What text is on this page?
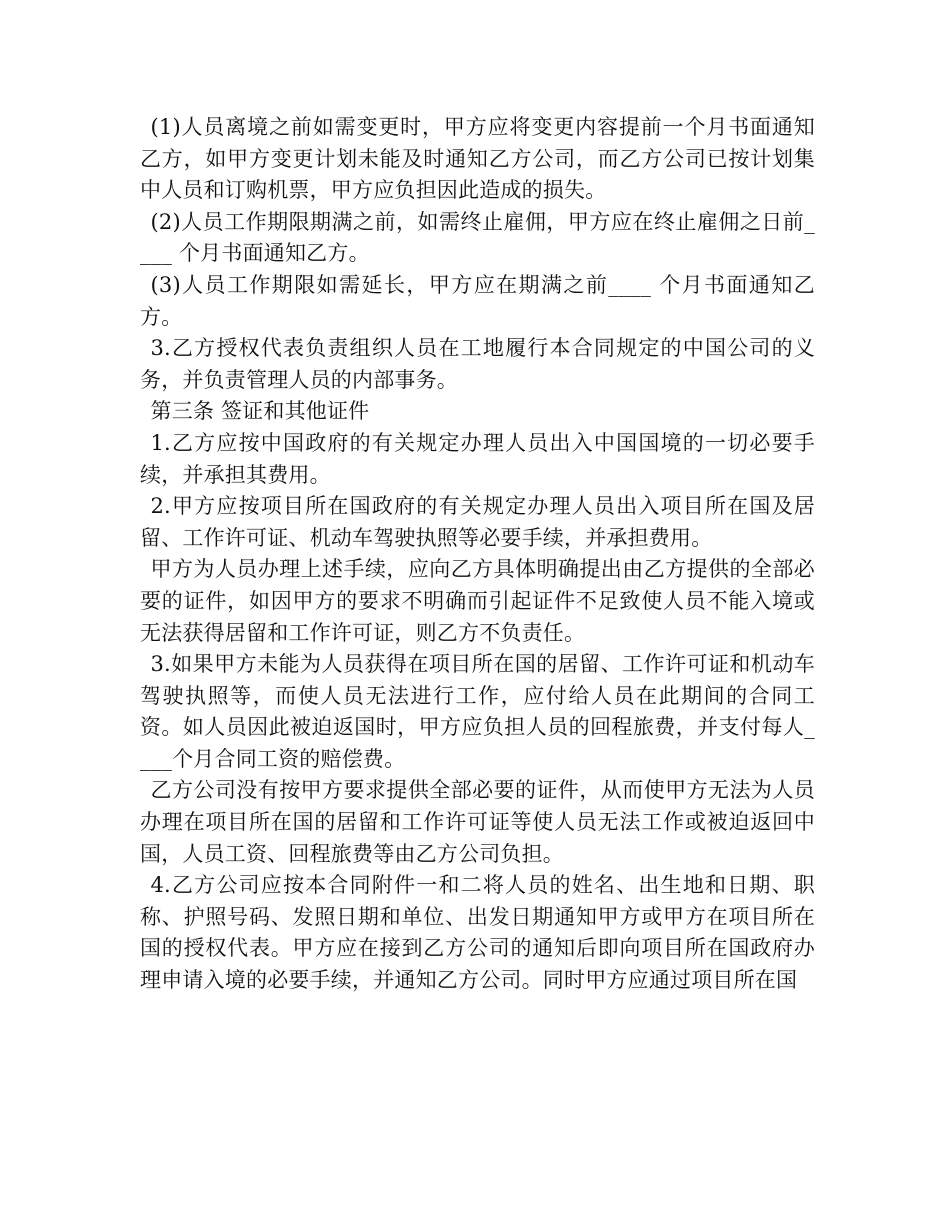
(1)人员离境之前如需变更时，甲方应将变更内容提前一个月书面通知乙方，如甲方变更计划未能及时通知乙方公司，而乙方公司已按计划集中人员和订购机票，甲方应负担因此造成的损失。

(2)人员工作期限期满之前，如需终止雇佣，甲方应在终止雇佣之日前____ 个月书面通知乙方。

(3)人员工作期限如需延长，甲方应在期满之前____ 个月书面通知乙方。

3.乙方授权代表负责组织人员在工地履行本合同规定的中国公司的义务，并负责管理人员的内部事务。

第三条 签证和其他证件

1.乙方应按中国政府的有关规定办理人员出入中国国境的一切必要手续，并承担其费用。

2.甲方应按项目所在国政府的有关规定办理人员出入项目所在国及居留、工作许可证、机动车驾驶执照等必要手续，并承担费用。

甲方为人员办理上述手续，应向乙方具体明确提出由乙方提供的全部必要的证件，如因甲方的要求不明确而引起证件不足致使人员不能入境或无法获得居留和工作许可证，则乙方不负责任。

3.如果甲方未能为人员获得在项目所在国的居留、工作许可证和机动车驾驶执照等，而使人员无法进行工作，应付给人员在此期间的合同工资。如人员因此被迫返国时，甲方应负担人员的回程旅费，并支付每人____个月合同工资的赔偿费。

乙方公司没有按甲方要求提供全部必要的证件，从而使甲方无法为人员办理在项目所在国的居留和工作许可证等使人员无法工作或被迫返回中国，人员工资、回程旅费等由乙方公司负担。

4.乙方公司应按本合同附件一和二将人员的姓名、出生地和日期、职称、护照号码、发照日期和单位、出发日期通知甲方或甲方在项目所在国的授权代表。甲方应在接到乙方公司的通知后即向项目所在国政府办理申请入境的必要手续，并通知乙方公司。同时甲方应通过项目所在国
